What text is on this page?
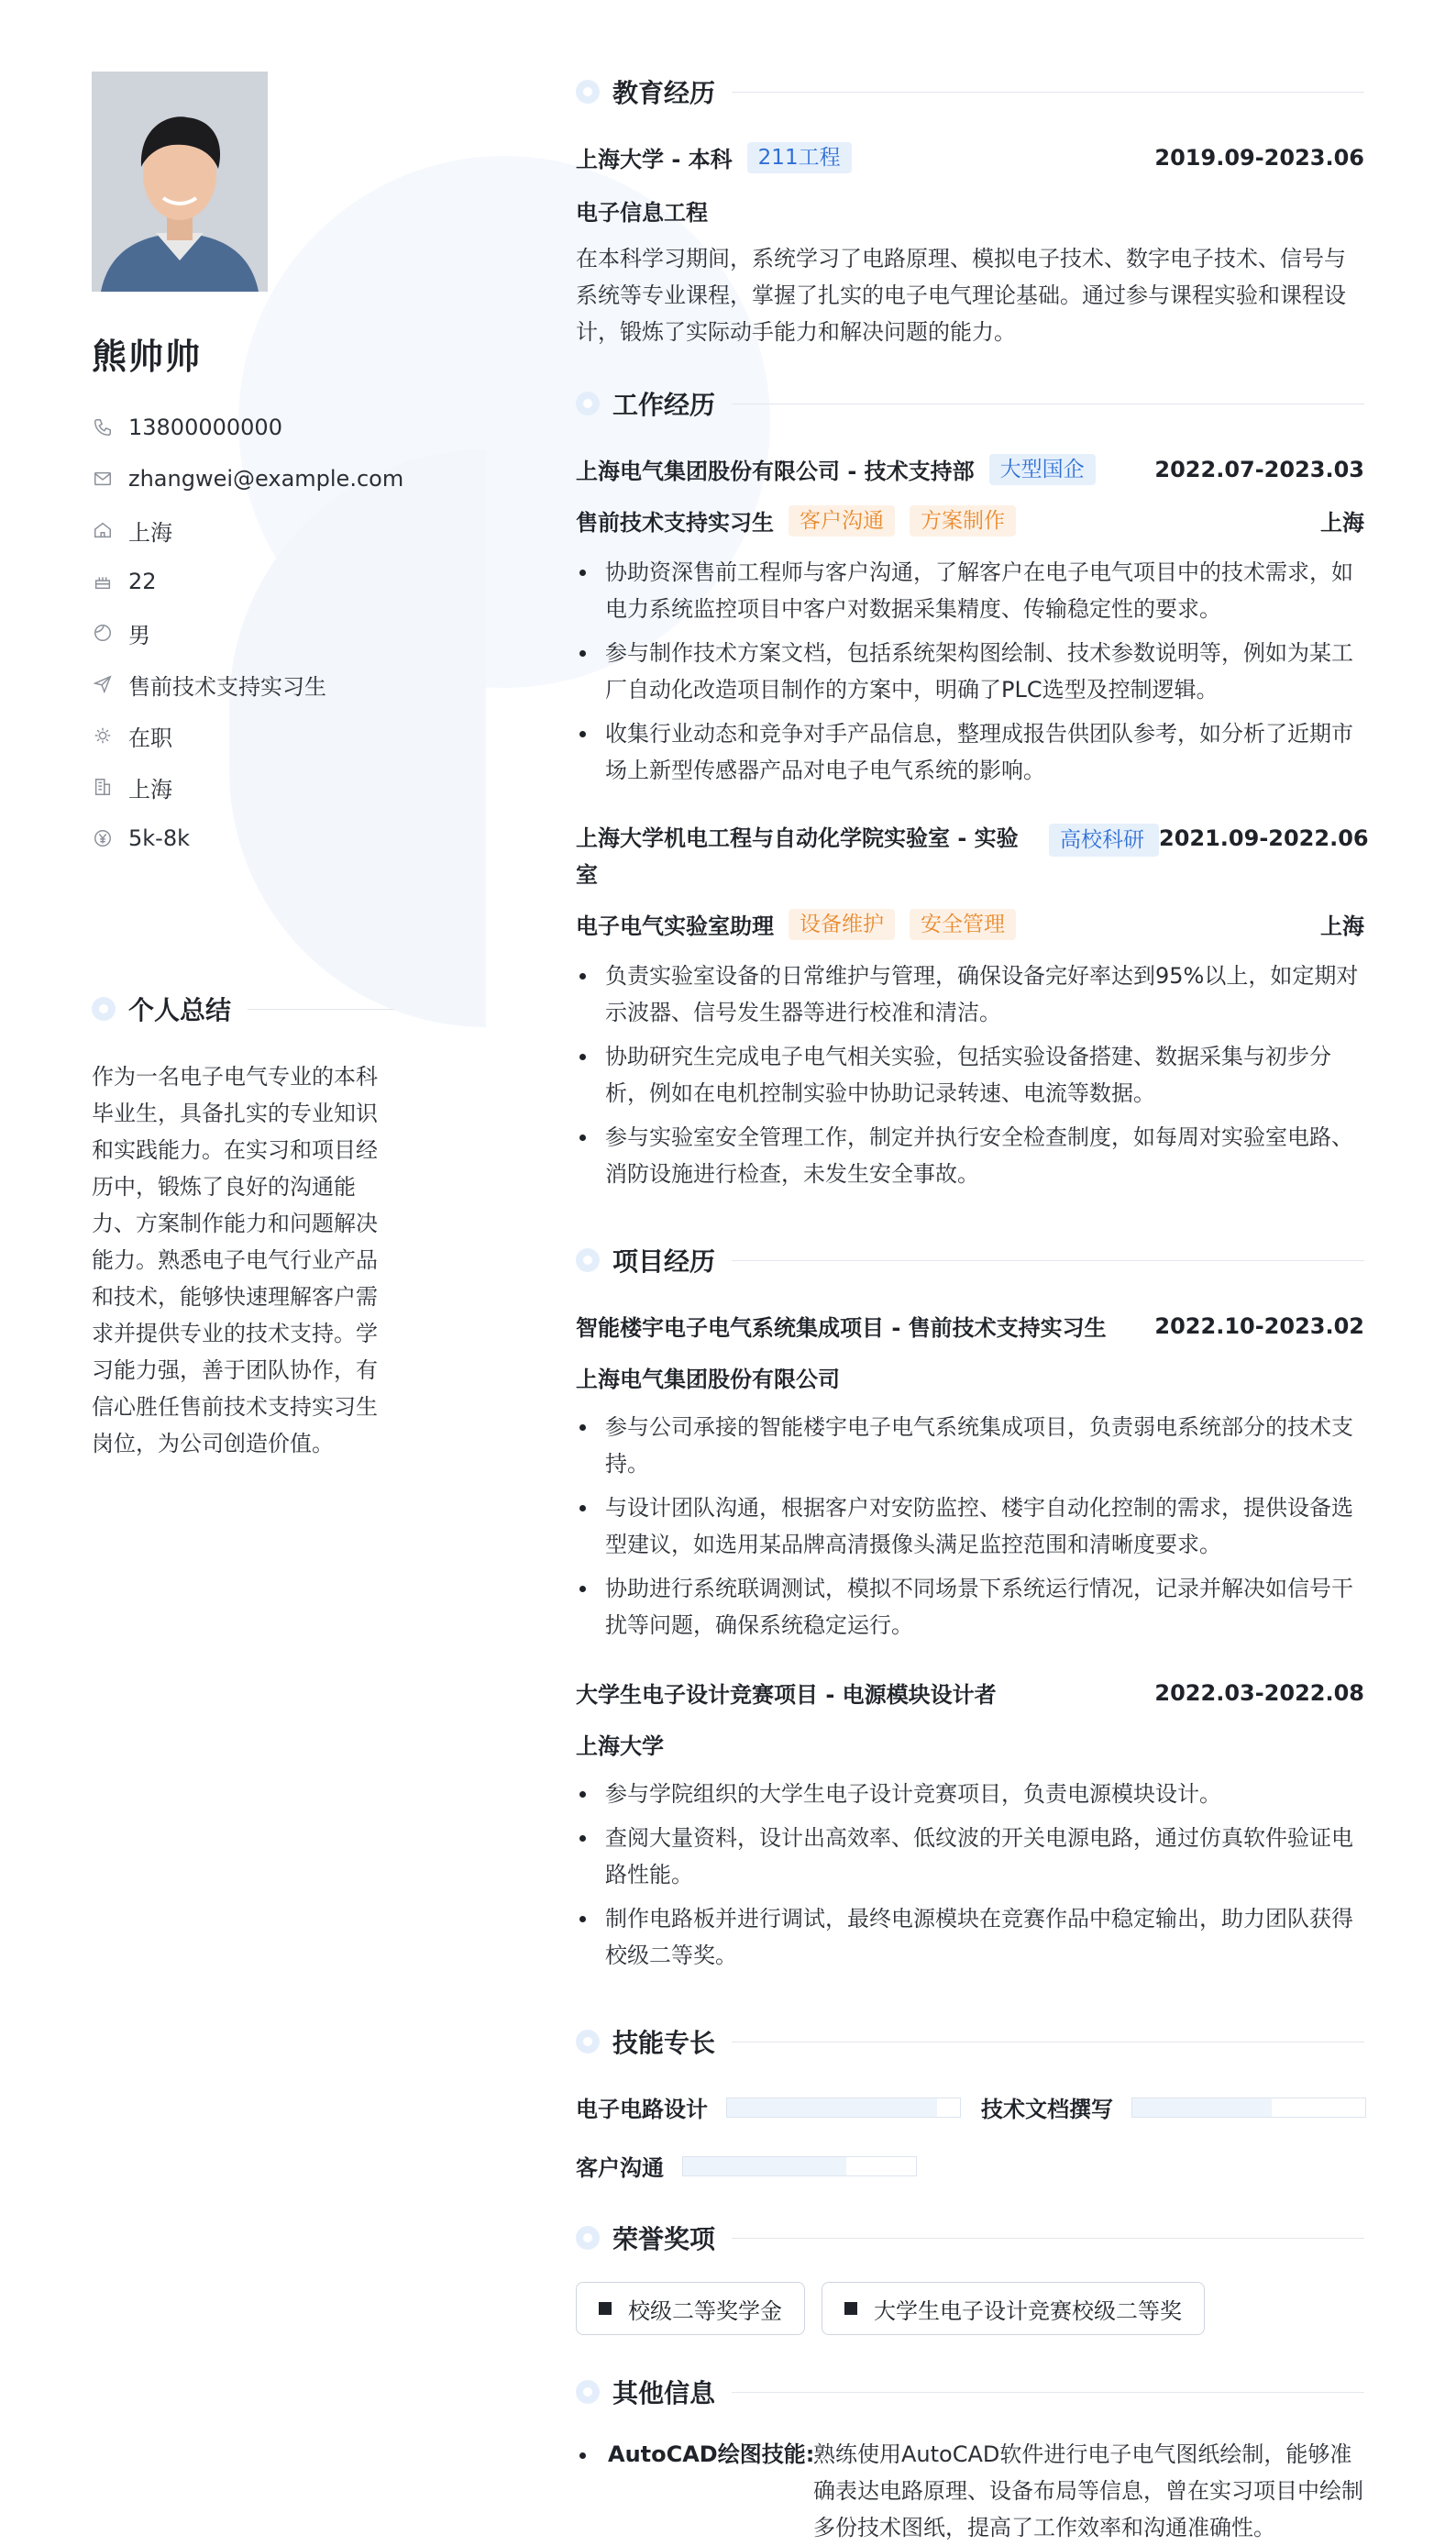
熊帅帅
13800000000
zhangwei@example.com
上海
22
男
售前技术支持实习生
在职
上海
5k-8k
个人总结
作为一名电子电气专业的本科毕业生，具备扎实的专业知识和实践能力。在实习和项目经历中，锻炼了良好的沟通能力、方案制作能力和问题解决能力。熟悉电子电气行业产品和技术，能够快速理解客户需求并提供专业的技术支持。学习能力强，善于团队协作，有信心胜任售前技术支持实习生岗位，为公司创造价值。
教育经历
上海大学 - 本科	211工程	2019.09-2023.06
电子信息工程
在本科学习期间，系统学习了电路原理、模拟电子技术、数字电子技术、信号与系统等专业课程，掌握了扎实的电子电气理论基础。通过参与课程实验和课程设计，锻炼了实际动手能力和解决问题的能力。
工作经历
上海电气集团股份有限公司 - 技术支持部	大型国企	2022.07-2023.03
售前技术支持实习生	客户沟通	方案制作	上海
协助资深售前工程师与客户沟通，了解客户在电子电气项目中的技术需求，如电力系统监控项目中客户对数据采集精度、传输稳定性的要求。
参与制作技术方案文档，包括系统架构图绘制、技术参数说明等，例如为某工厂自动化改造项目制作的方案中，明确了PLC选型及控制逻辑。
收集行业动态和竞争对手产品信息，整理成报告供团队参考，如分析了近期市场上新型传感器产品对电子电气系统的影响。
上海大学机电工程与自动化学院实验室 - 实验室
高校科研 2021.09-2022.06
电子电气实验室助理	设备维护	安全管理	上海
负责实验室设备的日常维护与管理，确保设备完好率达到95%以上，如定期对示波器、信号发生器等进行校准和清洁。
协助研究生完成电子电气相关实验，包括实验设备搭建、数据采集与初步分析，例如在电机控制实验中协助记录转速、电流等数据。
参与实验室安全管理工作，制定并执行安全检查制度，如每周对实验室电路、消防设施进行检查，未发生安全事故。
项目经历
智能楼宇电子电气系统集成项目 - 售前技术支持实习生 2022.10-2023.02
上海电气集团股份有限公司
参与公司承接的智能楼宇电子电气系统集成项目，负责弱电系统部分的技术支持。
与设计团队沟通，根据客户对安防监控、楼宇自动化控制的需求，提供设备选型建议，如选用某品牌高清摄像头满足监控范围和清晰度要求。
协助进行系统联调测试，模拟不同场景下系统运行情况，记录并解决如信号干扰等问题，确保系统稳定运行。
大学生电子设计竞赛项目 - 电源模块设计者	2022.03-2022.08
上海大学
参与学院组织的大学生电子设计竞赛项目，负责电源模块设计。
查阅大量资料，设计出高效率、低纹波的开关电源电路，通过仿真软件验证电路性能。
制作电路板并进行调试，最终电源模块在竞赛作品中稳定输出，助力团队获得校级二等奖。
技能专长
电子电路设计	技术文档撰写
客户沟通
荣誉奖项
校级二等奖学金	大学生电子设计竞赛校级二等奖
其他信息
AutoCAD绘图技能:
熟练使用AutoCAD软件进行电子电气图纸绘制，能够准确表达电路原理、设备布局等信息，曾在实习项目中绘制多份技术图纸，提高了工作效率和沟通准确性。
